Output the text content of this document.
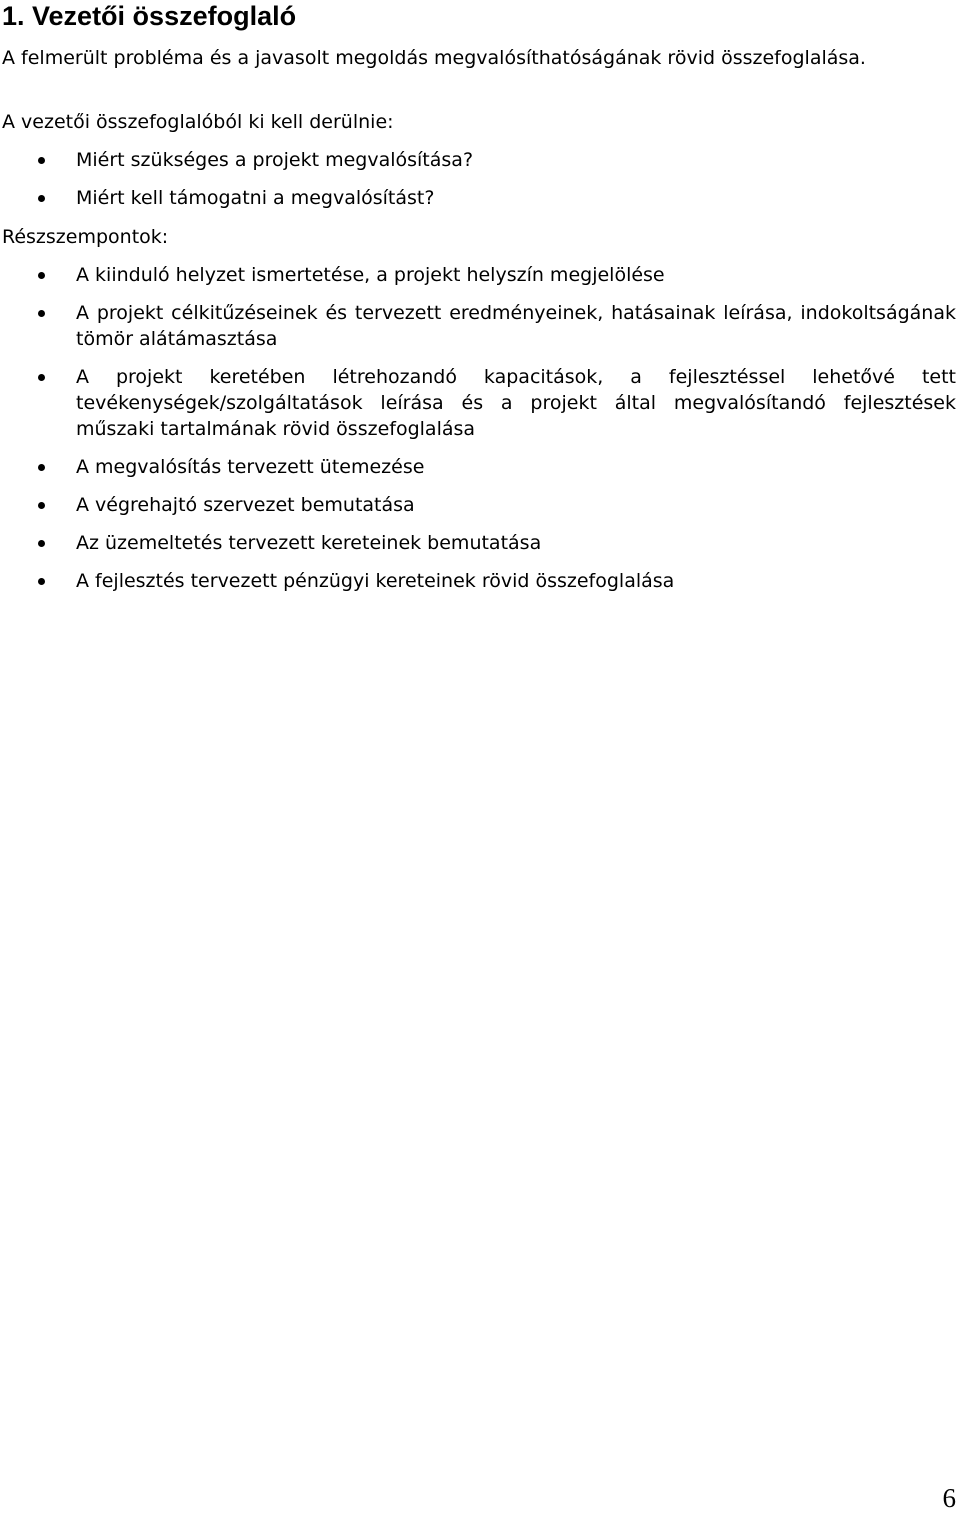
1. Vezetői összefoglaló

A felmerült probléma és a javasolt megoldás megvalósíthatóságának rövid összefoglalása.

A vezetői összefoglalóból ki kell derülnie:

Miért szükséges a projekt megvalósítása?
Miért kell támogatni a megvalósítást?

Részszempontok:

A kiinduló helyzet ismertetése, a projekt helyszín megjelölése
A projekt célkitűzéseinek és tervezett eredményeinek, hatásainak leírása, indokoltságának tömör alátámasztása
A projekt keretében létrehozandó kapacitások, a fejlesztéssel lehetővé tett tevékenységek/szolgáltatások leírása és a projekt által megvalósítandó fejlesztések műszaki tartalmának rövid összefoglalása
A megvalósítás tervezett ütemezése
A végrehajtó szervezet bemutatása
Az üzemeltetés tervezett kereteinek bemutatása
A fejlesztés tervezett pénzügyi kereteinek rövid összefoglalása
6
